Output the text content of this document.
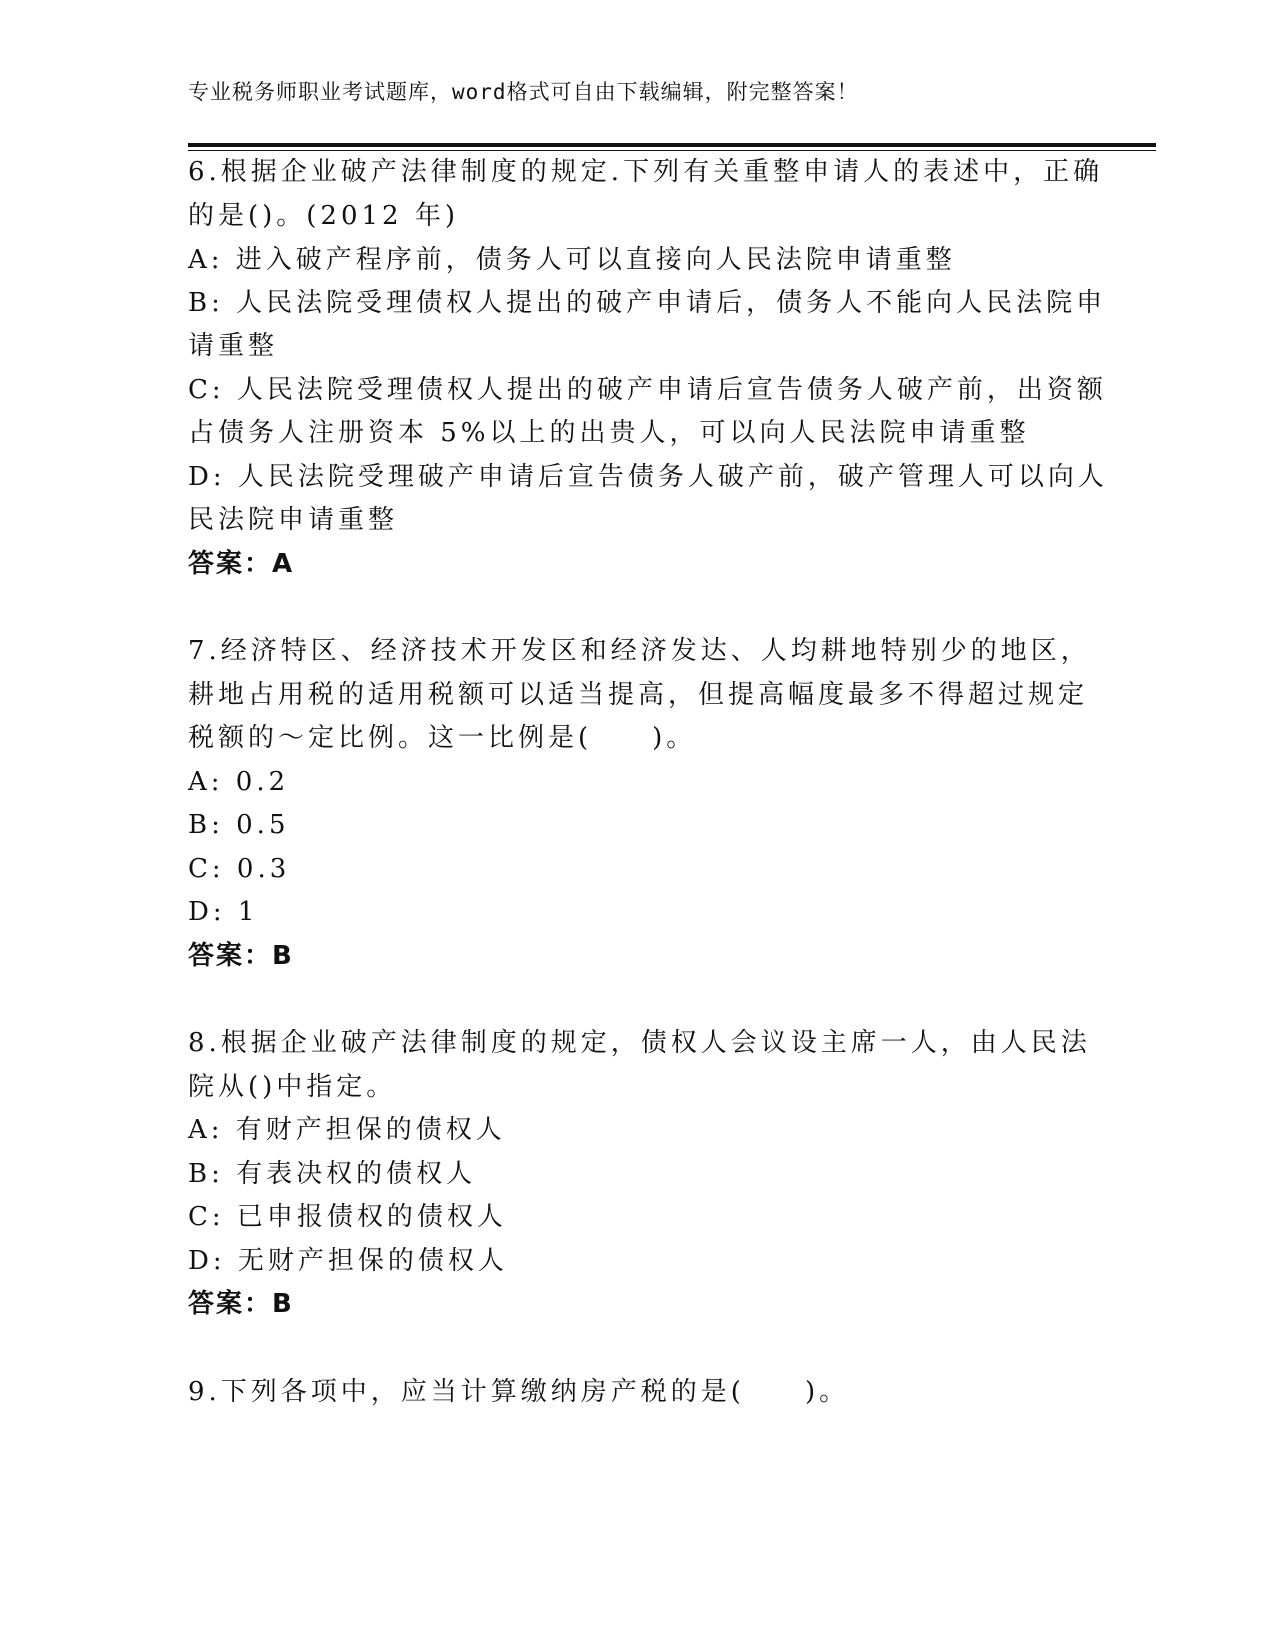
专业税务师职业考试题库，word格式可自由下载编辑，附完整答案！
6.根据企业破产法律制度的规定.下列有关重整申请人的表述中，正确
的是()。(2012 年)
A: 进入破产程序前，债务人可以直接向人民法院申请重整
B: 人民法院受理债权人提出的破产申请后，债务人不能向人民法院申
请重整
C: 人民法院受理债权人提出的破产申请后宣告债务人破产前，出资额
占债务人注册资本 5%以上的出贵人，可以向人民法院申请重整
D: 人民法院受理破产申请后宣告债务人破产前，破产管理人可以向人
民法院申请重整
答案：A
7.经济特区、经济技术开发区和经济发达、人均耕地特别少的地区，
耕地占用税的适用税额可以适当提高，但提高幅度最多不得超过规定
税额的～定比例。这一比例是(　　)。
A: 0.2
B: 0.5
C: 0.3
D: 1
答案：B
8.根据企业破产法律制度的规定，债权人会议设主席一人，由人民法
院从()中指定。
A: 有财产担保的债权人
B: 有表决权的债权人
C: 已申报债权的债权人
D: 无财产担保的债权人
答案：B
9.下列各项中，应当计算缴纳房产税的是(　　)。
